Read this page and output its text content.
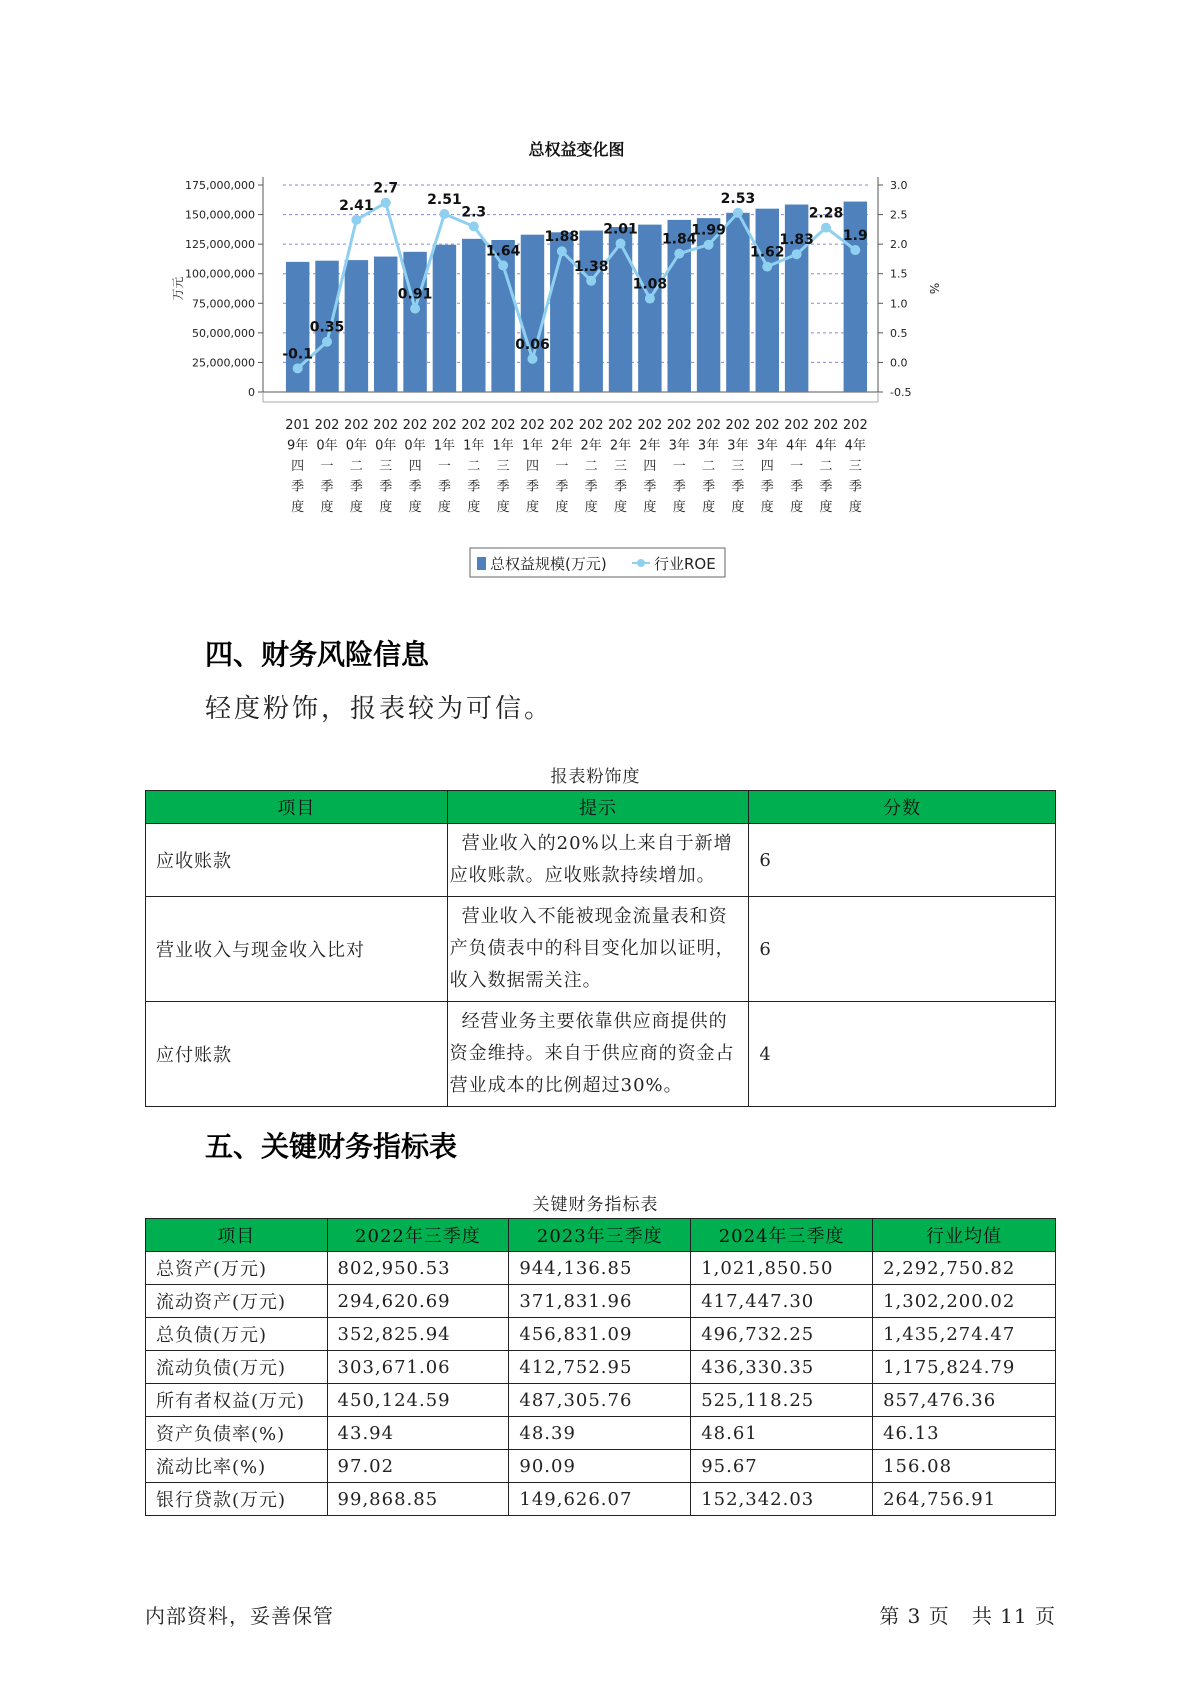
总权益变化图
175,000,000
150,000,000
125,000,000
100,000,000
75,000,000
50,000,000
25,000,000
0
3.0
2.5
2.0
1.5
1.0
0.5
0.0
-0.5
万元	%
-0.1
0.35
2.41
2.7
0.91
2.51
2.3
1.64
0.06
1.88
1.38
2.01
1.08
1.84
1.99
2.53
1.62
1.83
2.28
1.9
201
9年
四
季
度
202
0年
一
季
度
202
0年
二
季
度
202
0年
三
季
度
202
0年
四
季
度
202
1年
一
季
度
202
1年
二
季
度
202
1年
三
季
度
202
1年
四
季
度
202
2年
一
季
度
202
2年
二
季
度
202
2年
三
季
度
202
2年
四
季
度
202
3年
一
季
度
202
3年
二
季
度
202
3年
三
季
度
202
3年
四
季
度
202
4年
一
季
度
202
4年
二
季
度
202
4年
三
季
度
总权益规模(万元)	行业ROE
四、财务风险信息
轻度粉饰，报表较为可信。
报表粉饰度
项目	提示	分数
应收账款	营业收入的20%以上来自于新增应收账款。应收账款持续增加。	6
营业收入与现金收入比对	营业收入不能被现金流量表和资产负债表中的科目变化加以证明，收入数据需关注。	6
应付账款	经营业务主要依靠供应商提供的资金维持。来自于供应商的资金占营业成本的比例超过30%。	4
五、关键财务指标表
关键财务指标表
项目	2022年三季度	2023年三季度	2024年三季度	行业均值
总资产(万元)	802,950.53	944,136.85	1,021,850.50	2,292,750.82
流动资产(万元)	294,620.69	371,831.96	417,447.30	1,302,200.02
总负债(万元)	352,825.94	456,831.09	496,732.25	1,435,274.47
流动负债(万元)	303,671.06	412,752.95	436,330.35	1,175,824.79
所有者权益(万元)	450,124.59	487,305.76	525,118.25	857,476.36
资产负债率(%)	43.94	48.39	48.61	46.13
流动比率(%)	97.02	90.09	95.67	156.08
银行贷款(万元)	99,868.85	149,626.07	152,342.03	264,756.91
内部资料，妥善保管	第 3 页   共 11 页
